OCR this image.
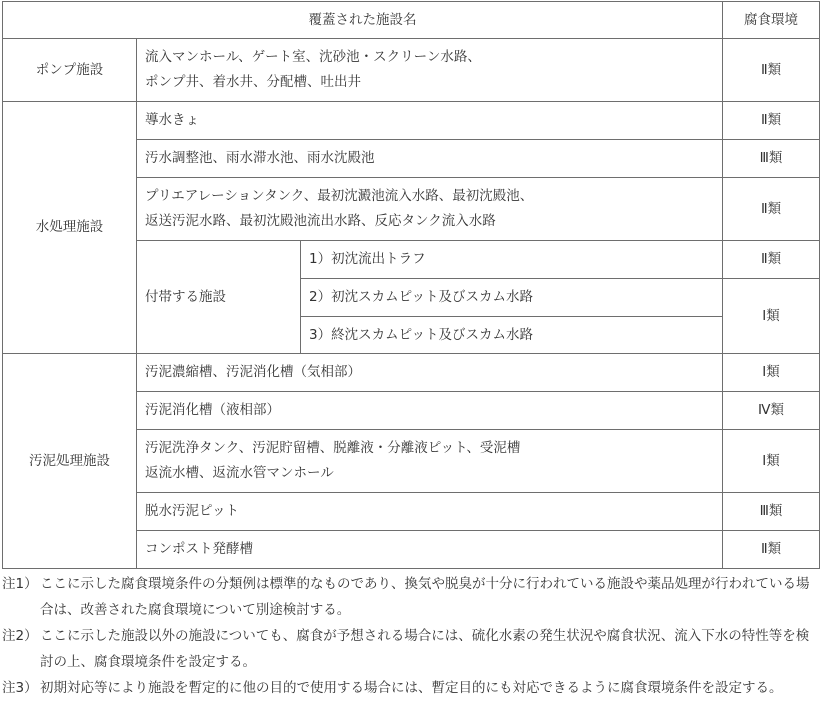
覆蓋された施設名			腐食環境
ポンプ施設	流入マンホール、ゲート室、沈砂池・スクリーン水路、
ポンプ井、着水井、分配槽、吐出井		Ⅱ類
水処理施設	導水きょ		Ⅱ類
	汚水調整池、雨水滞水池、雨水沈殿池		Ⅲ類

	プリエアレーションタンク、最初沈澱池流入水路、最初沈殿池、
返送汚泥水路、最初沈殿池流出水路、反応タンク流入水路		Ⅱ類
	付帯する施設	1）初沈流出トラフ	Ⅱ類
		2）初沈スカムピット及びスカム水路	Ⅰ類
		3）終沈スカムピット及びスカム水路	
汚泥処理施設	汚泥濃縮槽、汚泥消化槽（気相部）		Ⅰ類
	汚泥消化槽（液相部）		Ⅳ類

	汚泥洗浄タンク、汚泥貯留槽、脱離液・分離液ピット、受泥槽
返流水槽、返流水管マンホール		Ⅰ類
	脱水汚泥ピット		Ⅲ類
	コンポスト発酵槽		Ⅱ類
注1） ここに示した腐食環境条件の分類例は標準的なものであり、換気や脱臭が十分に行われている施設や薬品処理が行われている場合は、改善された腐食環境について別途検討する。
注2） ここに示した施設以外の施設についても、腐食が予想される場合には、硫化水素の発生状況や腐食状況、流入下水の特性等を検討の上、腐食環境条件を設定する。
注3） 初期対応等により施設を暫定的に他の目的で使用する場合には、暫定目的にも対応できるように腐食環境条件を設定する。
